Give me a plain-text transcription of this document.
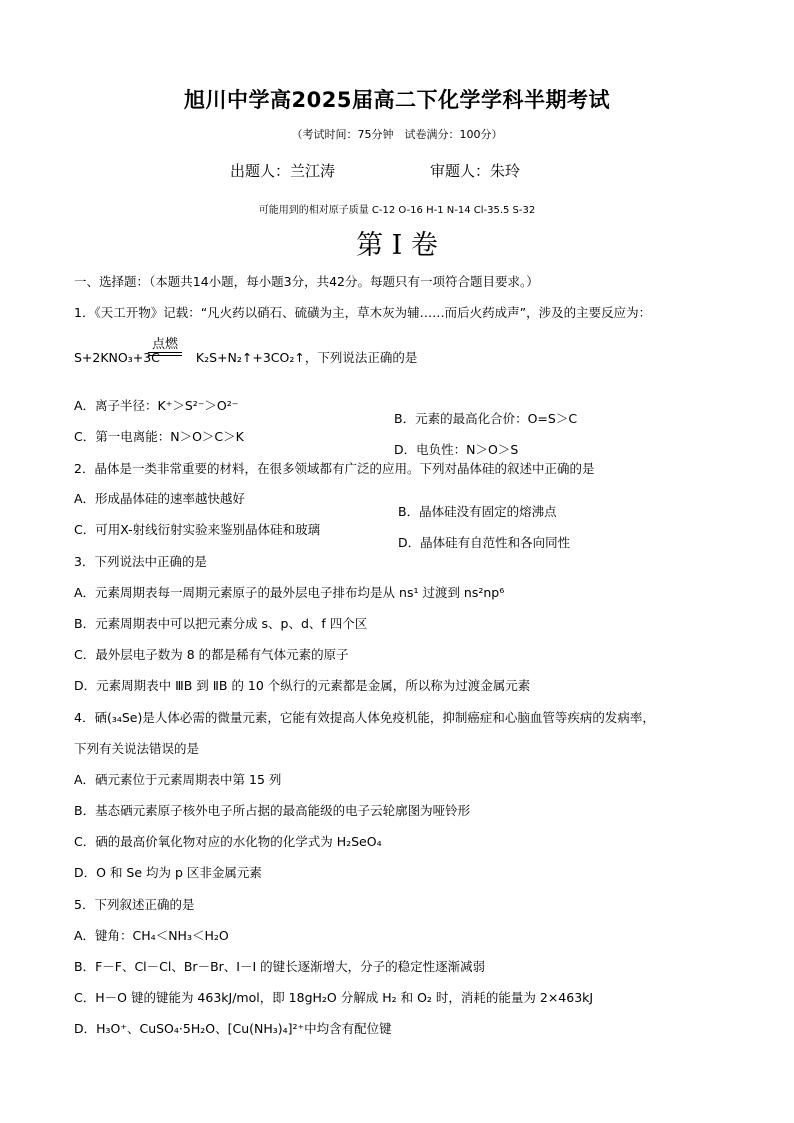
旭川中学高2025届高二下化学学科半期考试

（考试时间：75分钟　试卷满分：100分）

出题人：兰江涛	审题人：朱玲

可能用到的相对原子质量 C-12 O-16 H-1 N-14 Cl-35.5 S-32

第 I 卷

一、选择题：（本题共14小题，每小题3分，共42分。每题只有一项符合题目要求。）

1．《天工开物》记载：“凡火药以硝石、硫磺为主，草木灰为辅……而后火药成声”，涉及的主要反应为：

点燃

S+2KNO₃+3C	K₂S+N₂↑+3CO₂↑，下列说法正确的是

A．离子半径：K⁺＞S²⁻＞O²⁻

B．元素的最高化合价：O=S＞C

C．第一电离能：N＞O＞C＞K

D．电负性：N＞O＞S

2．晶体是一类非常重要的材料，在很多领域都有广泛的应用。下列对晶体硅的叙述中正确的是

A．形成晶体硅的速率越快越好

B．晶体硅没有固定的熔沸点

C．可用X-射线衍射实验来鉴别晶体硅和玻璃

D．晶体硅有自范性和各向同性

3．下列说法中正确的是

A．元素周期表每一周期元素原子的最外层电子排布均是从 ns¹ 过渡到 ns²np⁶

B．元素周期表中可以把元素分成 s、p、d、f 四个区

C．最外层电子数为 8 的都是稀有气体元素的原子

D．元素周期表中 ⅢB 到 ⅡB 的 10 个纵行的元素都是金属，所以称为过渡金属元素

4．硒(₃₄Se)是人体必需的微量元素，它能有效提高人体免疫机能，抑制癌症和心脑血管等疾病的发病率，

下列有关说法错误的是

A．硒元素位于元素周期表中第 15 列

B．基态硒元素原子核外电子所占据的最高能级的电子云轮廓图为哑铃形

C．硒的最高价氧化物对应的水化物的化学式为 H₂SeO₄

D．O 和 Se 均为 p 区非金属元素

5．下列叙述正确的是

A．键角：CH₄＜NH₃＜H₂O

B．F－F、Cl－Cl、Br－Br、I－I 的键长逐渐增大，分子的稳定性逐渐减弱

C．H－O 键的键能为 463kJ/mol，即 18gH₂O 分解成 H₂ 和 O₂ 时，消耗的能量为 2×463kJ

D．H₃O⁺、CuSO₄·5H₂O、[Cu(NH₃)₄]²⁺中均含有配位键
